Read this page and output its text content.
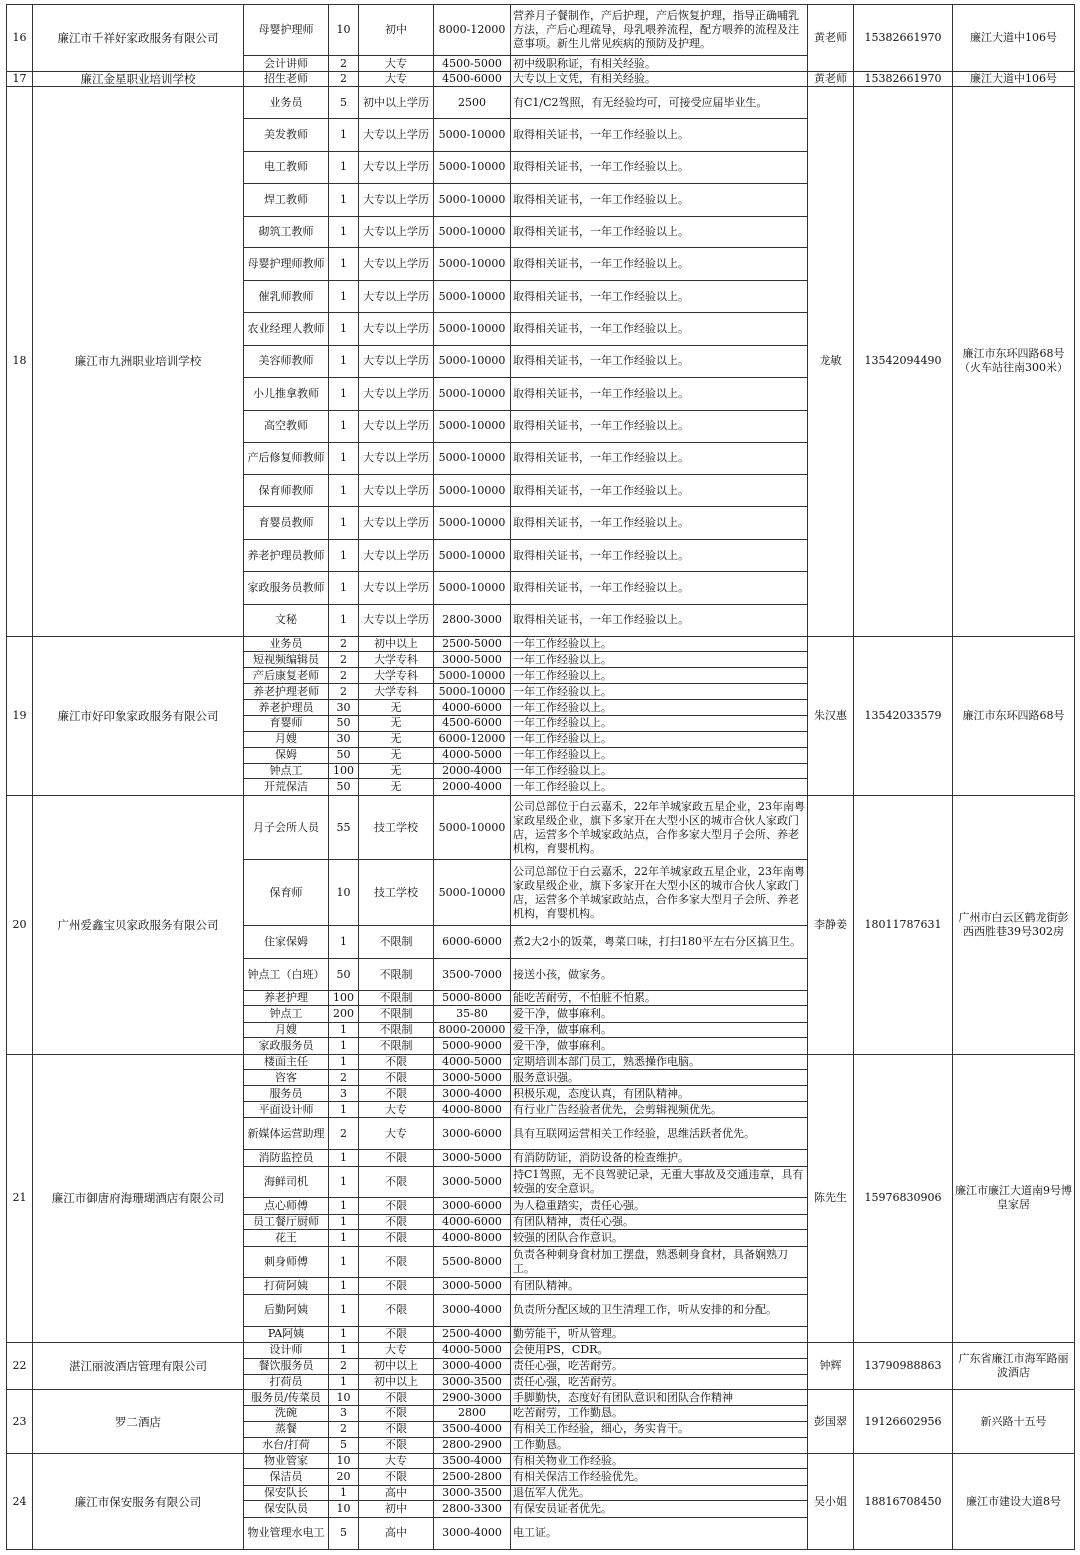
16	廉江市千祥好家政服务有限公司	母婴护理师	10	初中	8000-12000	营养月子餐制作，产后护理，产后恢复护理，指导正确哺乳方法，产后心理疏导，母乳喂养流程，配方喂养的流程及注意事项。新生儿常见疾病的预防及护理。	黄老师	15382661970	廉江大道中106号
		会计讲师	2	大专	4500-5000	初中级职称证，有相关经验。			
17	廉江金星职业培训学校	招生老师	2	大专	4500-6000	大专以上文凭，有相关经验。	黄老师	15382661970	廉江大道中106号
18	廉江市九洲职业培训学校	业务员	5	初中以上学历	2500	有C1/C2驾照，有无经验均可，可接受应届毕业生。	龙敏	13542094490	廉江市东环四路68号（火车站往南300米）
		美发教师	1	大专以上学历	5000-10000	取得相关证书，一年工作经验以上。			
		电工教师	1	大专以上学历	5000-10000	取得相关证书，一年工作经验以上。			
		焊工教师	1	大专以上学历	5000-10000	取得相关证书，一年工作经验以上。			
		砌筑工教师	1	大专以上学历	5000-10000	取得相关证书，一年工作经验以上。			
		母婴护理师教师	1	大专以上学历	5000-10000	取得相关证书，一年工作经验以上。			
		催乳师教师	1	大专以上学历	5000-10000	取得相关证书，一年工作经验以上。			
		农业经理人教师	1	大专以上学历	5000-10000	取得相关证书，一年工作经验以上。			
		美容师教师	1	大专以上学历	5000-10000	取得相关证书，一年工作经验以上。			
		小儿推拿教师	1	大专以上学历	5000-10000	取得相关证书，一年工作经验以上。			
		高空教师	1	大专以上学历	5000-10000	取得相关证书，一年工作经验以上。			
		产后修复师教师	1	大专以上学历	5000-10000	取得相关证书，一年工作经验以上。			
		保育师教师	1	大专以上学历	5000-10000	取得相关证书，一年工作经验以上。			
		育婴员教师	1	大专以上学历	5000-10000	取得相关证书，一年工作经验以上。			
		养老护理员教师	1	大专以上学历	5000-10000	取得相关证书，一年工作经验以上。			
		家政服务员教师	1	大专以上学历	5000-10000	取得相关证书，一年工作经验以上。			
		文秘	1	大专以上学历	2800-3000	取得相关证书，一年工作经验以上。			
19	廉江市好印象家政服务有限公司	业务员	2	初中以上	2500-5000	一年工作经验以上。	朱汉惠	13542033579	廉江市东环四路68号
		短视频编辑员	2	大学专科	3000-5000	一年工作经验以上。			
		产后康复老师	2	大学专科	5000-10000	一年工作经验以上。			
		养老护理老师	2	大学专科	5000-10000	一年工作经验以上。			
		养老护理员	30	无	4000-6000	一年工作经验以上。			
		育婴师	50	无	4500-6000	一年工作经验以上。			
		月嫂	30	无	6000-12000	一年工作经验以上。			
		保姆	50	无	4000-5000	一年工作经验以上。			
		钟点工	100	无	2000-4000	一年工作经验以上。			
		开荒保洁	50	无	2000-4000	一年工作经验以上。			
20	广州爱鑫宝贝家政服务有限公司	月子会所人员	55	技工学校	5000-10000	公司总部位于白云嘉禾，22年羊城家政五星企业，23年南粤家政星级企业，旗下多家开在大型小区的城市合伙人家政门店，运营多个羊城家政站点，合作多家大型月子会所、养老机构，育婴机构。	李静姜	18011787631	广州市白云区鹤龙街彭西西胜巷39号302房
		保育师	10	技工学校	5000-10000	公司总部位于白云嘉禾，22年羊城家政五星企业，23年南粤家政星级企业，旗下多家开在大型小区的城市合伙人家政门店，运营多个羊城家政站点，合作多家大型月子会所、养老机构，育婴机构。			
		住家保姆	1	不限制	6000-6000	煮2大2小的饭菜，粤菜口味，打扫180平左右分区搞卫生。			
		钟点工（白班）	50	不限制	3500-7000	接送小孩，做家务。			
		养老护理	100	不限制	5000-8000	能吃苦耐劳，不怕脏不怕累。			
		钟点工	200	不限制	35-80	爱干净，做事麻利。			
		月嫂	1	不限制	8000-20000	爱干净，做事麻利。			
		家政服务员	1	不限制	5000-9000	爱干净，做事麻利。			
21	廉江市御唐府海珊瑚酒店有限公司	楼面主任	1	不限	4000-5000	定期培训本部门员工，熟悉操作电脑。	陈先生	15976830906	廉江市廉江大道南9号博皇家居
		咨客	2	不限	3000-5000	服务意识强。			
		服务员	3	不限	3000-4000	积极乐观，态度认真，有团队精神。			
		平面设计师	1	大专	4000-8000	有行业广告经验者优先，会剪辑视频优先。			
		新媒体运营助理	2	大专	3000-6000	具有互联网运营相关工作经验，思维活跃者优先。			
		消防监控员	1	不限	3000-5000	有消防防证，消防设备的检查维护。			
		海鲜司机	1	不限	3000-5000	持C1驾照，无不良驾驶记录，无重大事故及交通违章，具有较强的安全意识。			
		点心师傅	1	不限	3000-6000	为人稳重踏实，责任心强。			
		员工餐厅厨师	1	不限	4000-6000	有团队精神，责任心强。			
		花王	1	不限	4000-8000	较强的团队合作意识。			
		刺身师傅	1	不限	5500-8000	负责各种刺身食材加工摆盘，熟悉刺身食材，具备娴熟刀工。			
		打荷阿姨	1	不限	3000-5000	有团队精神。			
		后勤阿姨	1	不限	3000-4000	负责所分配区域的卫生清理工作，听从安排的和分配。			
		PA阿姨	1	不限	2500-4000	勤劳能干，听从管理。			
22	湛江丽波酒店管理有限公司	设计师	1	大专	4000-5000	会使用PS，CDR。	钟辉	13790988863	广东省廉江市海军路丽波酒店
		餐饮服务员	2	初中以上	3000-4000	责任心强，吃苦耐劳。			
		打荷员	1	初中以上	3000-3500	责任心强，吃苦耐劳。			
23	罗二酒店	服务员/传菜员	10	不限	2900-3000	手脚勤快，态度好有团队意识和团队合作精神	彭国翠	19126602956	新兴路十五号
		洗碗	3	不限	2800	吃苦耐劳，工作勤恳。			
		蒸餐	2	不限	3500-4000	有相关工作经验，细心，务实肯干。			
		水台/打荷	5	不限	2800-2900	工作勤恳。			
24	廉江市保安服务有限公司	物业管家	10	大专	3500-4000	有相关物业工作经验。	吴小姐	18816708450	廉江市建设大道8号
		保洁员	20	不限	2500-2800	有相关保洁工作经验优先。			
		保安队长	1	高中	3000-3500	退伍军人优先。			
		保安队员	10	初中	2800-3300	有保安员证者优先。			
		物业管理水电工	5	高中	3000-4000	电工证。			
